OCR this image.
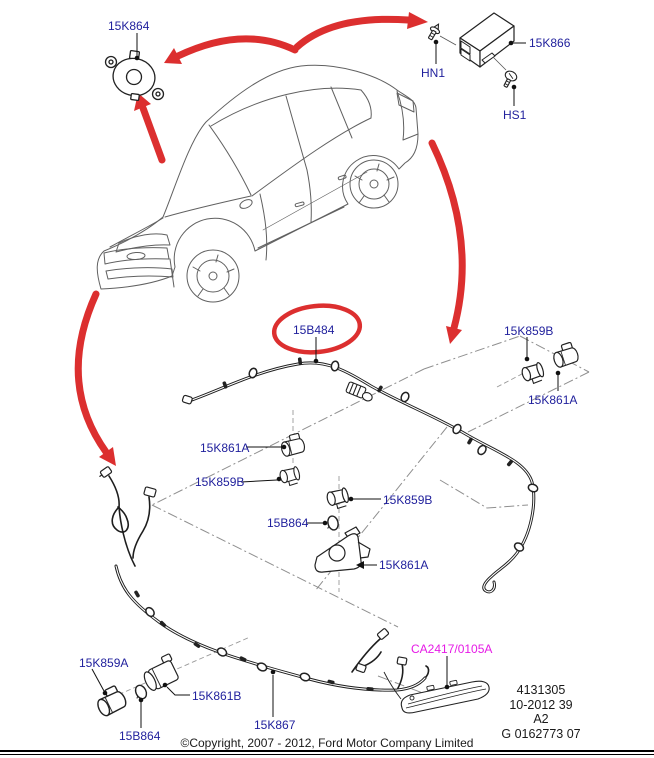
15K864
15K866
HN1
HS1
15B484	15K859B
15K861A
15K861A
15K859B
15K859B
15B864
15K861A
15K859A
15K861B
15B864
15K867
CA2417/0105A
4131305
10-2012 39
A2
G 0162773 07
©Copyright, 2007 - 2012, Ford Motor Company Limited
